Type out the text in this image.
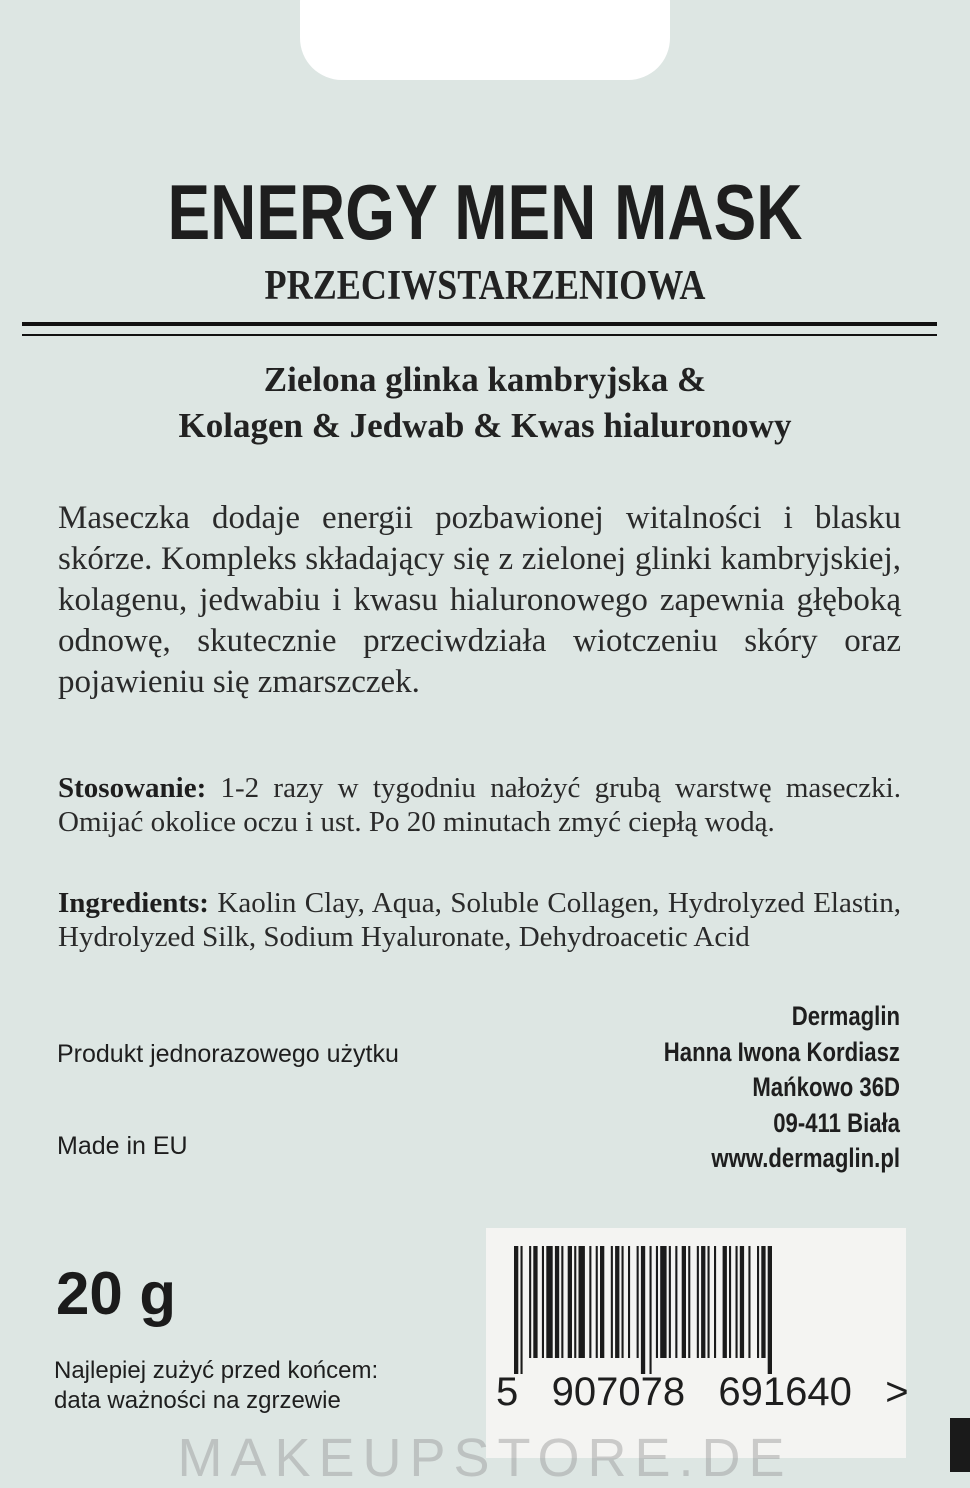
ENERGY MEN MASK
PRZECIWSTARZENIOWA
Zielona glinka kambryjska &
Kolagen & Jedwab & Kwas hialuronowy
Maseczka dodaje energii pozbawionej witalności i blasku skórze. Kompleks składający się z zielonej glinki kambryjskiej, kolagenu, jedwabiu i kwasu hialuronowego zapewnia głęboką odnowę, skutecznie przeciwdziała wiotczeniu skóry oraz pojawieniu się zmarszczek.
Stosowanie: 1-2 razy w tygodniu nałożyć grubą warstwę maseczki. Omijać okolice oczu i ust. Po 20 minutach zmyć ciepłą wodą.
Ingredients: Kaolin Clay, Aqua, Soluble Collagen, Hydrolyzed Elastin, Hydrolyzed Silk, Sodium Hyaluronate, Dehydroacetic Acid
Produkt jednorazowego użytku
Made in EU
Dermaglin
Hanna Iwona Kordiasz
Mańkowo 36D
09-411 Biała
www.dermaglin.pl
20 g
Najlepiej zużyć przed końcem:
data ważności na zgrzewie	5   907078   691640   >
MAKEUPSTORE.DE
